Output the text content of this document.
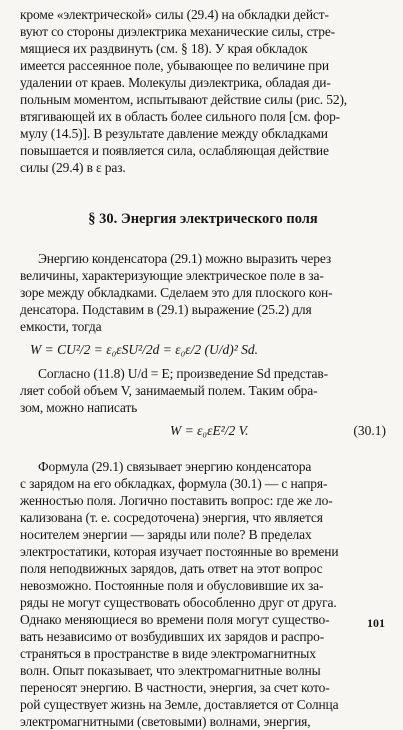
кроме «электрической» силы (29.4) на обкладки дейст-
вуют со стороны диэлектрика механические силы, стре-
мящиеся их раздвинуть (см. § 18). У края обкладок
имеется рассеянное поле, убывающее по величине при
удалении от краев. Молекулы диэлектрика, обладая ди-
польным моментом, испытывают действие силы (рис. 52),
втягивающей их в область более сильного поля [см. фор-
мулу (14.5)]. В результате давление между обкладками
повышается и появляется сила, ослабляющая действие
силы (29.4) в ε раз.
§ 30. Энергия электрического поля
Энергию конденсатора (29.1) можно выразить через
величины, характеризующие электрическое поле в за-
зоре между обкладками. Сделаем это для плоского кон-
денсатора. Подставим в (29.1) выражение (25.2) для
емкости, тогда
W = CU²/2 = ε₀εSU²/2d = ε₀ε/2 (U/d)² Sd.
Согласно (11.8) U/d = E; произведение Sd представ-
ляет собой объем V, занимаемый полем. Таким обра-
зом, можно написать
W = ε₀εE²/2 V.	(30.1)
Формула (29.1) связывает энергию конденсатора
с зарядом на его обкладках, формула (30.1) — с напря-
женностью поля. Логично поставить вопрос: где же ло-
кализована (т. е. сосредоточена) энергия, что является
носителем энергии — заряды или поле? В пределах
электростатики, которая изучает постоянные во времени
поля неподвижных зарядов, дать ответ на этот вопрос
невозможно. Постоянные поля и обусловившие их за-
ряды не могут существовать обособленно друг от друга.
Однако меняющиеся во времени поля могут существо-
вать независимо от возбудивших их зарядов и распро-
страняться в пространстве в виде электромагнитных
волн. Опыт показывает, что электромагнитные волны
переносят энергию. В частности, энергия, за счет кото-
рой существует жизнь на Земле, доставляется от Солнца
электромагнитными (световыми) волнами, энергия,
101
